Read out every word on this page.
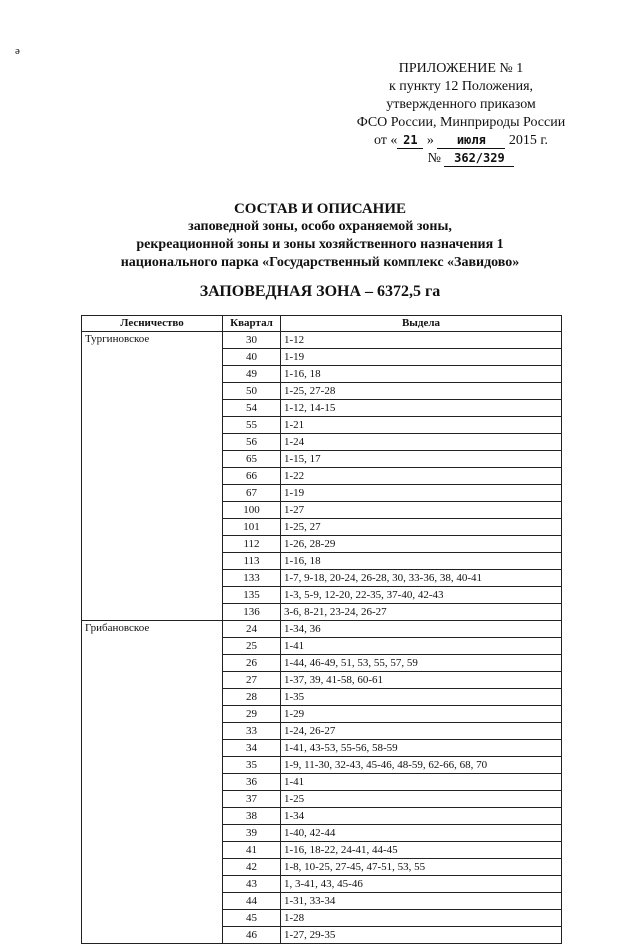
ә
ПРИЛОЖЕНИЕ № 1
к пункту 12 Положения,
утвержденного приказом
ФСО России, Минприроды России
от « 21 » июля 2015 г.
№ 362/329
СОСТАВ И ОПИСАНИЕ
заповедной зоны, особо охраняемой зоны,
рекреационной зоны и зоны хозяйственного назначения 1
национального парка «Государственный комплекс «Завидово»
ЗАПОВЕДНАЯ ЗОНА – 6372,5 га
Лесничество	Квартал	Выдела
Тургиновское	30	1-12
	40	1-19
	49	1-16, 18
	50	1-25, 27-28
	54	1-12, 14-15
	55	1-21
	56	1-24
	65	1-15, 17
	66	1-22
	67	1-19
	100	1-27
	101	1-25, 27
	112	1-26, 28-29
	113	1-16, 18
	133	1-7, 9-18, 20-24, 26-28, 30, 33-36, 38, 40-41
	135	1-3, 5-9, 12-20, 22-35, 37-40, 42-43
	136	3-6, 8-21, 23-24, 26-27
Грибановское	24	1-34, 36
	25	1-41
	26	1-44, 46-49, 51, 53, 55, 57, 59
	27	1-37, 39, 41-58, 60-61
	28	1-35
	29	1-29
	33	1-24, 26-27
	34	1-41, 43-53, 55-56, 58-59
	35	1-9, 11-30, 32-43, 45-46, 48-59, 62-66, 68, 70
	36	1-41
	37	1-25
	38	1-34
	39	1-40, 42-44
	41	1-16, 18-22, 24-41, 44-45
	42	1-8, 10-25, 27-45, 47-51, 53, 55
	43	1, 3-41, 43, 45-46
	44	1-31, 33-34
	45	1-28
	46	1-27, 29-35
